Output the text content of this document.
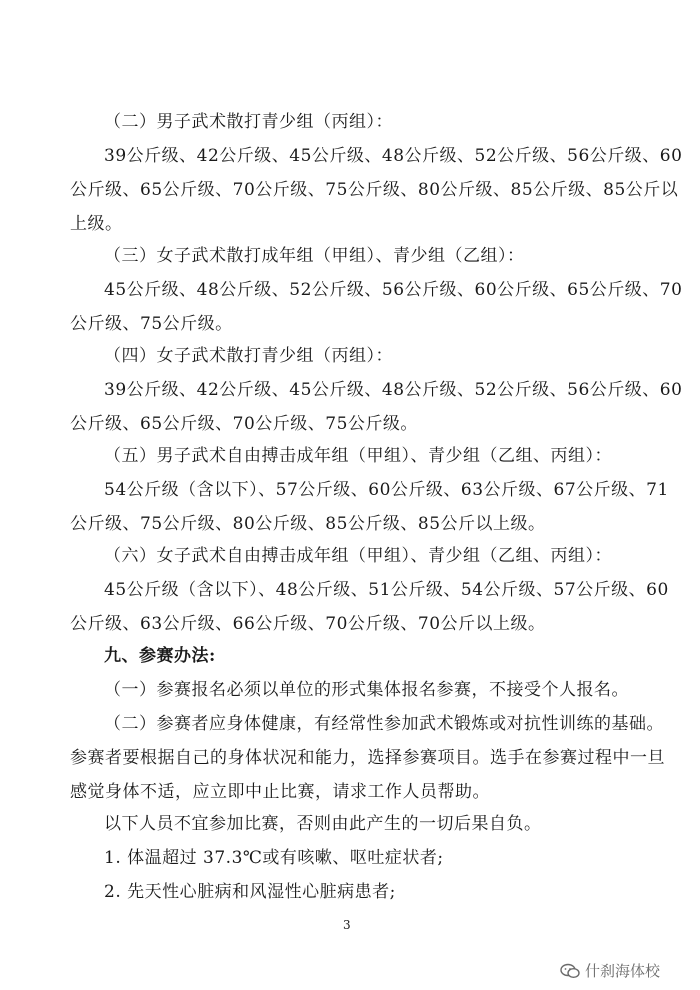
（二）男子武术散打青少组（丙组）：
39公斤级、42公斤级、45公斤级、48公斤级、52公斤级、56公斤级、60
公斤级、65公斤级、70公斤级、75公斤级、80公斤级、85公斤级、85公斤以
上级。
（三）女子武术散打成年组（甲组）、青少组（乙组）：
45公斤级、48公斤级、52公斤级、56公斤级、60公斤级、65公斤级、70
公斤级、75公斤级。
（四）女子武术散打青少组（丙组）：
39公斤级、42公斤级、45公斤级、48公斤级、52公斤级、56公斤级、60
公斤级、65公斤级、70公斤级、75公斤级。
（五）男子武术自由搏击成年组（甲组）、青少组（乙组、丙组）：
54公斤级（含以下）、57公斤级、60公斤级、63公斤级、67公斤级、71
公斤级、75公斤级、80公斤级、85公斤级、85公斤以上级。
（六）女子武术自由搏击成年组（甲组）、青少组（乙组、丙组）：
45公斤级（含以下）、48公斤级、51公斤级、54公斤级、57公斤级、60
公斤级、63公斤级、66公斤级、70公斤级、70公斤以上级。
九、参赛办法:
（一）参赛报名必须以单位的形式集体报名参赛，不接受个人报名。
（二）参赛者应身体健康，有经常性参加武术锻炼或对抗性训练的基础。
参赛者要根据自己的身体状况和能力，选择参赛项目。选手在参赛过程中一旦
感觉身体不适，应立即中止比赛，请求工作人员帮助。
以下人员不宜参加比赛，否则由此产生的一切后果自负。
1. 体温超过 37.3℃或有咳嗽、呕吐症状者;
2. 先天性心脏病和风湿性心脏病患者;
3
什刹海体校
